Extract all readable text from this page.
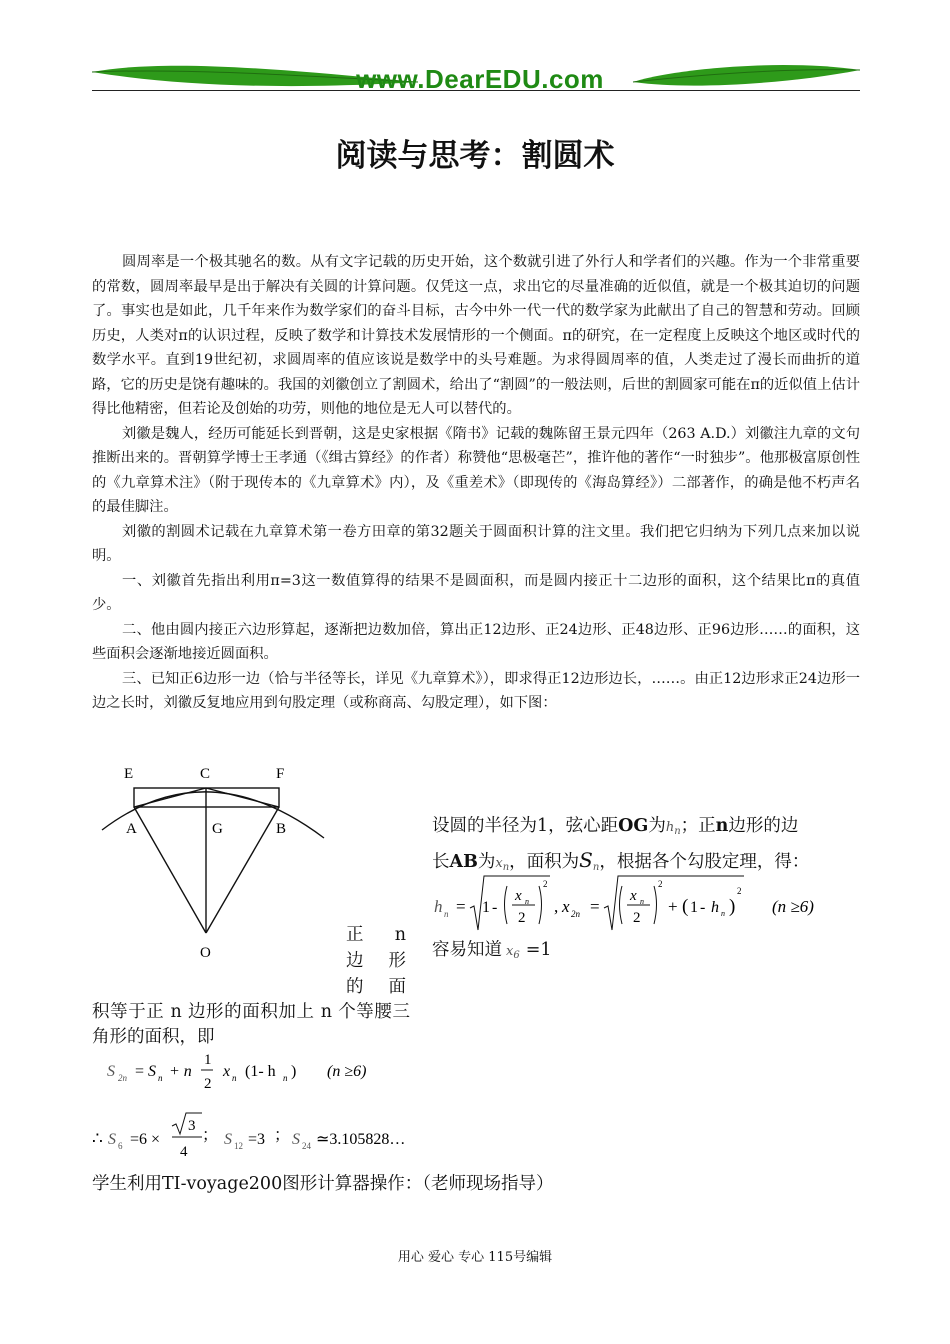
www.DearEDU.com
阅读与思考：割圆术

圆周率是一个极其驰名的数。从有文字记载的历史开始，这个数就引进了外行人和学者们的兴趣。作为一个非常重要的常数，圆周率最早是出于解决有关圆的计算问题。仅凭这一点，求出它的尽量准确的近似值，就是一个极其迫切的问题了。事实也是如此，几千年来作为数学家们的奋斗目标，古今中外一代一代的数学家为此献出了自己的智慧和劳动。回顾历史，人类对π的认识过程，反映了数学和计算技术发展情形的一个侧面。π的研究，在一定程度上反映这个地区或时代的数学水平。直到19世纪初，求圆周率的值应该说是数学中的头号难题。为求得圆周率的值，人类走过了漫长而曲折的道路，它的历史是饶有趣味的。我国的刘徽创立了割圆术，给出了“割圆”的一般法则，后世的割圆家可能在π的近似值上估计得比他精密，但若论及创始的功劳，则他的地位是无人可以替代的。

刘徽是魏人，经历可能延长到晋朝，这是史家根据《隋书》记载的魏陈留王景元四年（263 A.D.）刘徽注九章的文句推断出来的。晋朝算学博士王孝通（《缉古算经》的作者）称赞他“思极毫芒”，推许他的著作“一时独步”。他那极富原创性的《九章算术注》（附于现传本的《九章算术》内），及《重差术》（即现传的《海岛算经》）二部著作，的确是他不朽声名的最佳脚注。

刘徽的割圆术记载在九章算术第一卷方田章的第32题关于圆面积计算的注文里。我们把它归纳为下列几点来加以说明。

一、刘徽首先指出利用π=3这一数值算得的结果不是圆面积，而是圆内接正十二边形的面积，这个结果比π的真值少。

二、他由圆内接正六边形算起，逐渐把边数加倍，算出正12边形、正24边形、正48边形、正96边形……的面积，这些面积会逐渐地接近圆面积。

三、已知正6边形一边（恰与半径等长，详见《九章算术》），即求得正12边形边长，……。由正12边形求正24边形一边之长时，刘徽反复地应用到句股定理（或称商高、勾股定理），如下图：

E	C	F
A	G	B
O
设圆的半径为1，弦心距OG为$h_n$；正n边形的边
长AB为$x_n$，面积为$S_n$，根据各个勾股定理，得：
h n = 1 -
x n
2
2
, x 2n =
x n
2
2
+ ( 1 - h n )
2
(n ≥6)
容易知道 $x_6 =1$
正 n
边 形
的 面
积等于正 n 边形的面积加上 n 个等腰三角形的面积，即
S 2n = S n + n
1
2
x n (1- h n ) (n ≥6)
∴ S 6 =6 ×
3
4
； S 12 =3 ； S 24 ≃3.105828…
学生利用TI-voyage200图形计算器操作：（老师现场指导）
用心 爱心 专心 115号编辑
